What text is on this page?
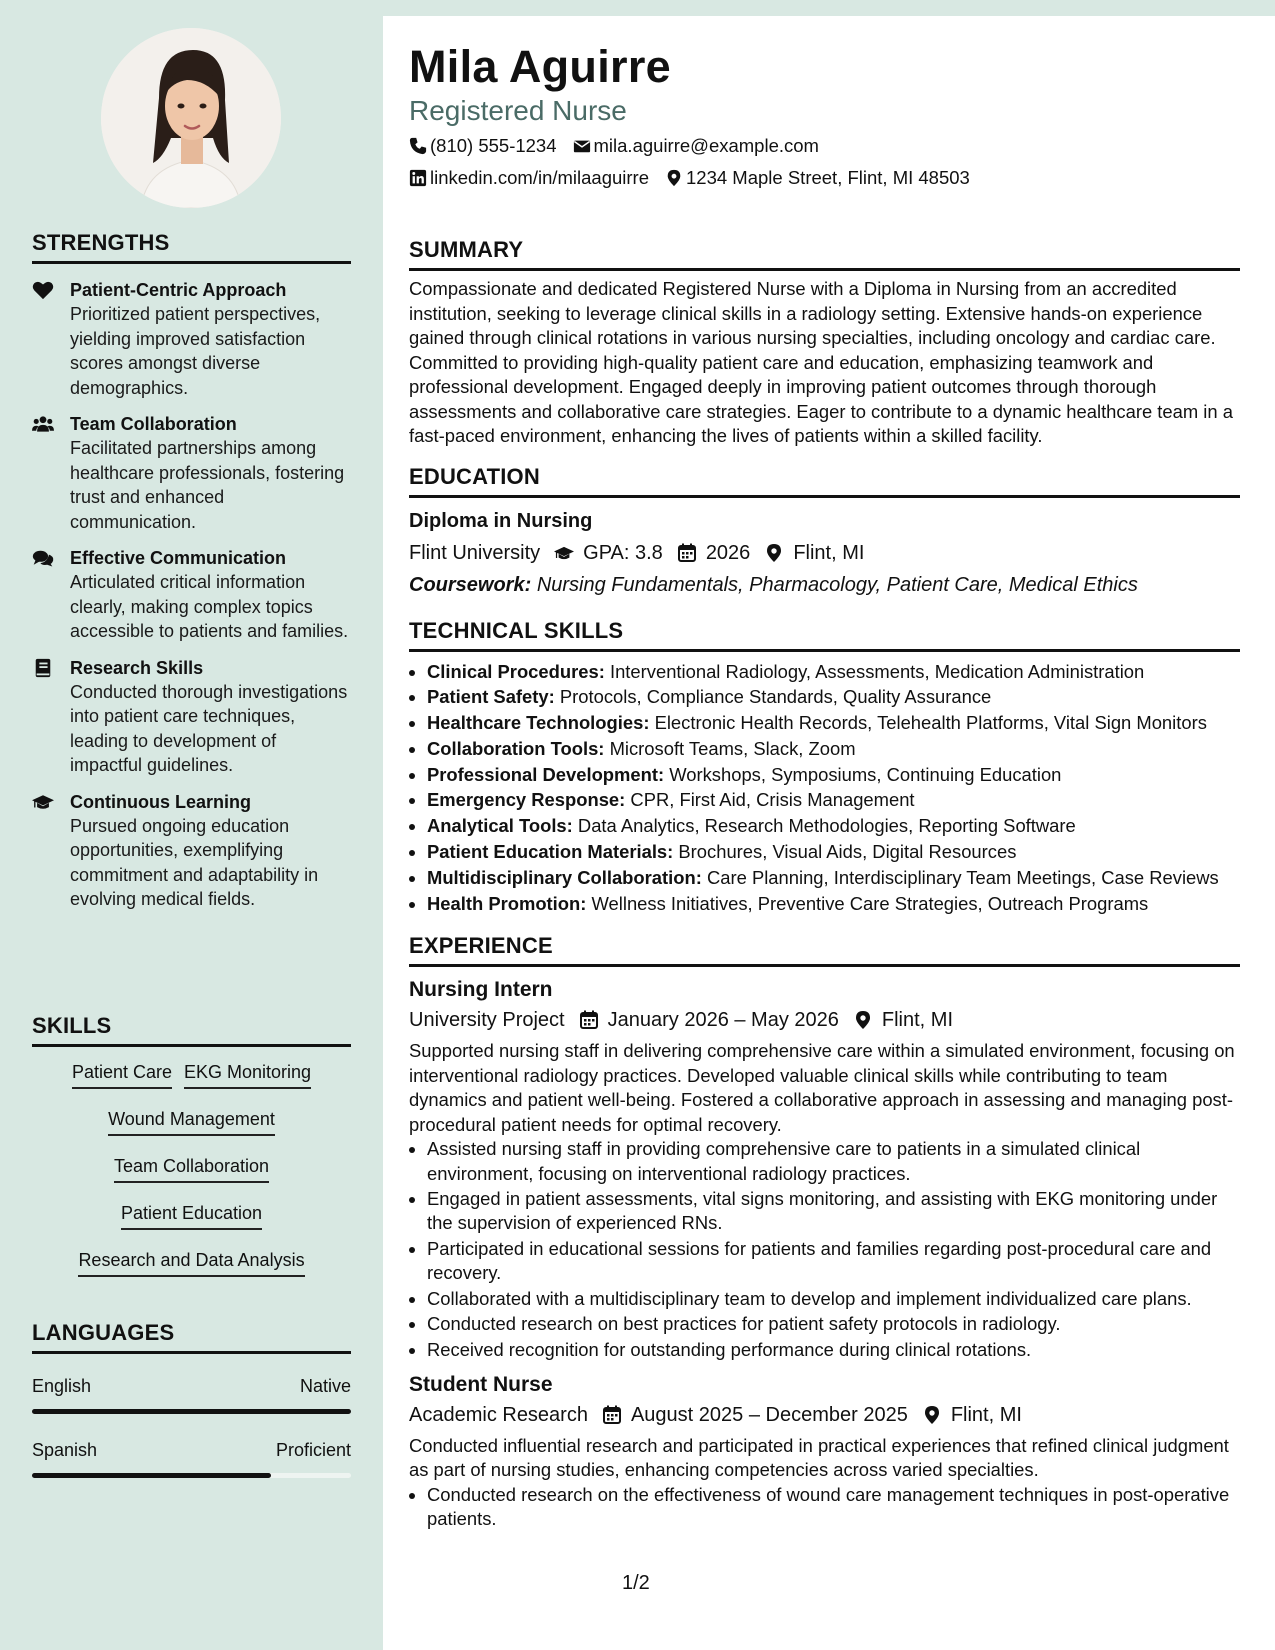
STRENGTHS
Patient-Centric Approach
Prioritized patient perspectives, yielding improved satisfaction scores amongst diverse demographics.
Team Collaboration
Facilitated partnerships among healthcare professionals, fostering trust and enhanced communication.
Effective Communication
Articulated critical information clearly, making complex topics accessible to patients and families.
Research Skills
Conducted thorough investigations into patient care techniques, leading to development of impactful guidelines.
Continuous Learning
Pursued ongoing education opportunities, exemplifying commitment and adaptability in evolving medical fields.
SKILLS
Patient Care EKG Monitoring
Wound Management
Team Collaboration
Patient Education
Research and Data Analysis
LANGUAGES
English	Native
Spanish	Proficient
Mila Aguirre
Registered Nurse
(810) 555-1234 mila.aguirre@example.com
linkedin.com/in/milaaguirre 1234 Maple Street, Flint, MI 48503
SUMMARY

Compassionate and dedicated Registered Nurse with a Diploma in Nursing from an accredited institution, seeking to leverage clinical skills in a radiology setting. Extensive hands-on experience gained through clinical rotations in various nursing specialties, including oncology and cardiac care. Committed to providing high-quality patient care and education, emphasizing teamwork and professional development. Engaged deeply in improving patient outcomes through thorough assessments and collaborative care strategies. Eager to contribute to a dynamic healthcare team in a fast-paced environment, enhancing the lives of patients within a skilled facility.

EDUCATION
Diploma in Nursing
Flint University GPA: 3.8 2026 Flint, MI
Coursework: Nursing Fundamentals, Pharmacology, Patient Care, Medical Ethics
TECHNICAL SKILLS
• Clinical Procedures: Interventional Radiology, Assessments, Medication Administration
• Patient Safety: Protocols, Compliance Standards, Quality Assurance
• Healthcare Technologies: Electronic Health Records, Telehealth Platforms, Vital Sign Monitors
• Collaboration Tools: Microsoft Teams, Slack, Zoom
• Professional Development: Workshops, Symposiums, Continuing Education
• Emergency Response: CPR, First Aid, Crisis Management
• Analytical Tools: Data Analytics, Research Methodologies, Reporting Software
• Patient Education Materials: Brochures, Visual Aids, Digital Resources
• Multidisciplinary Collaboration: Care Planning, Interdisciplinary Team Meetings, Case Reviews
• Health Promotion: Wellness Initiatives, Preventive Care Strategies, Outreach Programs
EXPERIENCE
Nursing Intern
University Project January 2026 – May 2026 Flint, MI

Supported nursing staff in delivering comprehensive care within a simulated environment, focusing on interventional radiology practices. Developed valuable clinical skills while contributing to team dynamics and patient well-being. Fostered a collaborative approach in assessing and managing post-procedural patient needs for optimal recovery.

• Assisted nursing staff in providing comprehensive care to patients in a simulated clinical environment, focusing on interventional radiology practices.
• Engaged in patient assessments, vital signs monitoring, and assisting with EKG monitoring under the supervision of experienced RNs.
• Participated in educational sessions for patients and families regarding post-procedural care and recovery.
• Collaborated with a multidisciplinary team to develop and implement individualized care plans.
• Conducted research on best practices for patient safety protocols in radiology.
• Received recognition for outstanding performance during clinical rotations.
Student Nurse
Academic Research August 2025 – December 2025 Flint, MI

Conducted influential research and participated in practical experiences that refined clinical judgment as part of nursing studies, enhancing competencies across varied specialties.

• Conducted research on the effectiveness of wound care management techniques in post-operative patients.
1/2
